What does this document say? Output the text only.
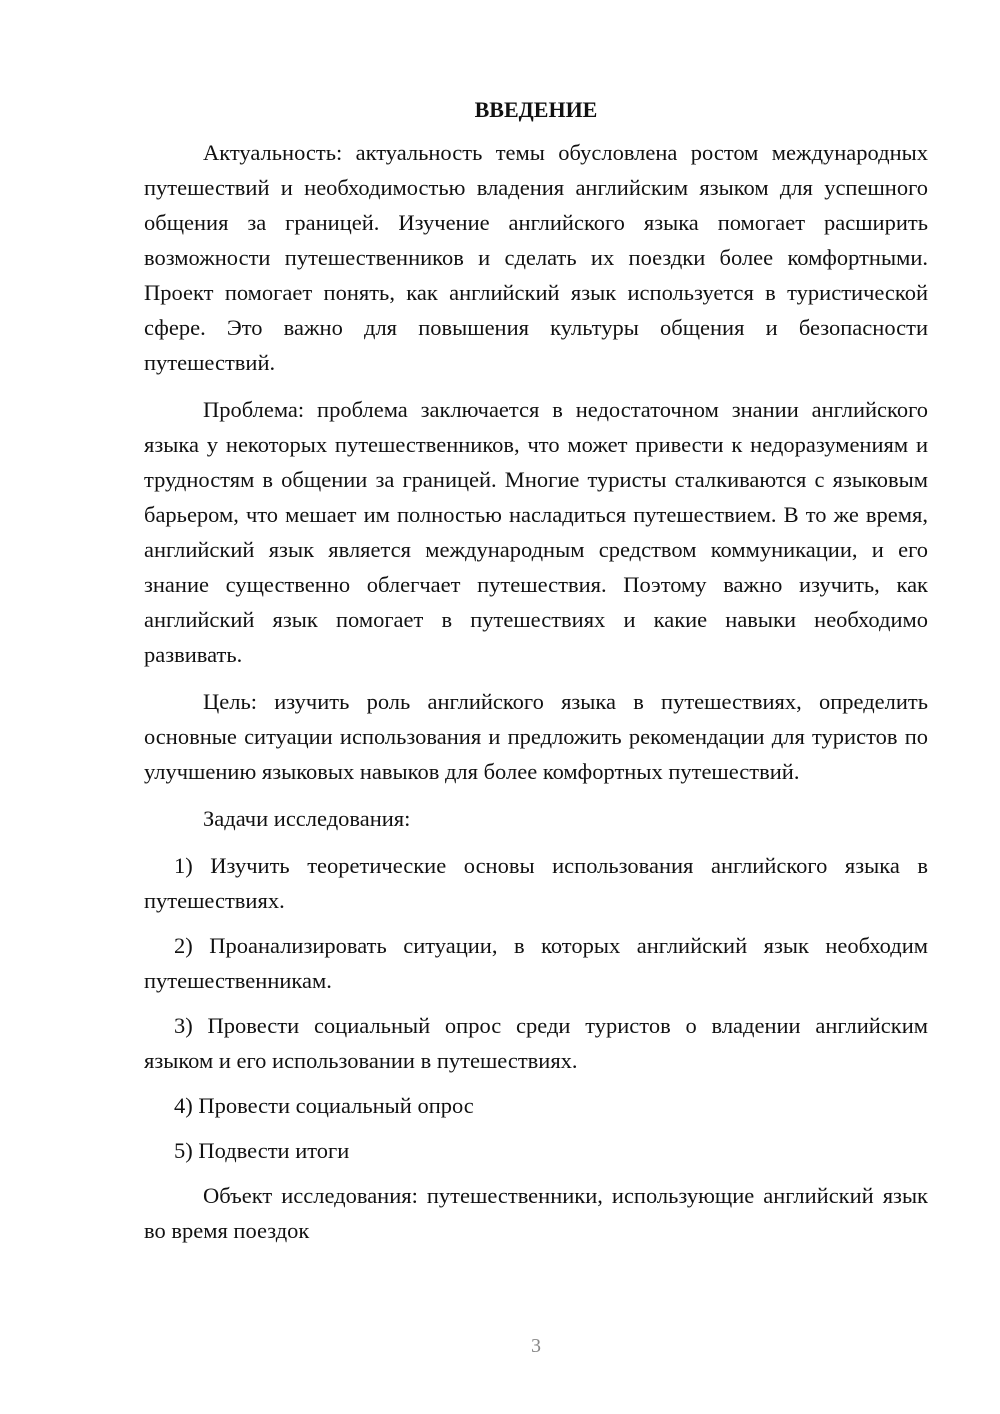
ВВЕДЕНИЕ

Актуальность: актуальность темы обусловлена ростом международных путешествий и необходимостью владения английским языком для успешного общения за границей. Изучение английского языка помогает расширить возможности путешественников и сделать их поездки более комфортными. Проект помогает понять, как английский язык используется в туристической сфере. Это важно для повышения культуры общения и безопасности путешествий.

Проблема: проблема заключается в недостаточном знании английского языка у некоторых путешественников, что может привести к недоразумениям и трудностям в общении за границей. Многие туристы сталкиваются с языковым барьером, что мешает им полностью насладиться путешествием. В то же время, английский язык является международным средством коммуникации, и его знание существенно облегчает путешествия. Поэтому важно изучить, как английский язык помогает в путешествиях и какие навыки необходимо развивать.

Цель: изучить роль английского языка в путешествиях, определить основные ситуации использования и предложить рекомендации для туристов по улучшению языковых навыков для более комфортных путешествий.

Задачи исследования:

1) Изучить теоретические основы использования английского языка в путешествиях.

2) Проанализировать ситуации, в которых английский язык необходим путешественникам.

3) Провести социальный опрос среди туристов о владении английским языком и его использовании в путешествиях.

4) Провести социальный опрос

5) Подвести итоги

Объект исследования: путешественники, использующие английский язык во время поездок

3
